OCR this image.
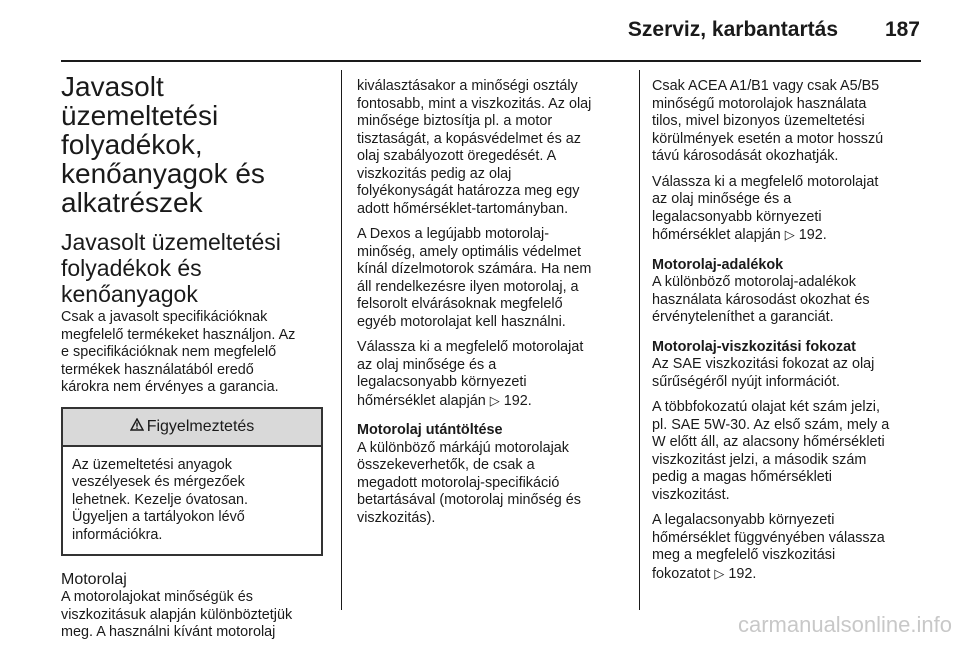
Szerviz, karbantartás 187
Javasolt üzemeltetési
folyadékok,
kenőanyagok és
alkatrészek
Javasolt üzemeltetési
folyadékok és
kenőanyagok

Csak a javasolt specifikációknak
megfelelő termékeket használjon. Az
e specifikációknak nem megfelelő
termékek használatából eredő
károkra nem érvényes a garancia.

Figyelmeztetés

Az üzemeltetési anyagok
veszélyesek és mérgezőek
lehetnek. Kezelje óvatosan.
Ügyeljen a tartályokon lévő
információkra.

Motorolaj

A motorolajokat minőségük és
viszkozitásuk alapján különböztetjük
meg. A használni kívánt motorolaj

kiválasztásakor a minőségi osztály
fontosabb, mint a viszkozitás. Az olaj
minősége biztosítja pl. a motor
tisztaságát, a kopásvédelmet és az
olaj szabályozott öregedését. A
viszkozitás pedig az olaj
folyékonyságát határozza meg egy
adott hőmérséklet-tartományban.

A Dexos a legújabb motorolaj-
minőség, amely optimális védelmet
kínál dízelmotorok számára. Ha nem
áll rendelkezésre ilyen motorolaj, a
felsorolt elvárásoknak megfelelő
egyéb motorolajat kell használni.

Válassza ki a megfelelő motorolajat
az olaj minősége és a
legalacsonyabb környezeti
hőmérséklet alapján ▷ 192.

Motorolaj utántöltése

A különböző márkájú motorolajak
összekeverhetők, de csak a
megadott motorolaj-specifikáció
betartásával (motorolaj minőség és
viszkozitás).

Csak ACEA A1/B1 vagy csak A5/B5
minőségű motorolajok használata
tilos, mivel bizonyos üzemeltetési
körülmények esetén a motor hosszú
távú károsodását okozhatják.

Válassza ki a megfelelő motorolajat
az olaj minősége és a
legalacsonyabb környezeti
hőmérséklet alapján ▷ 192.

Motorolaj-adalékok

A különböző motorolaj-adalékok
használata károsodást okozhat és
érvényteleníthet a garanciát.

Motorolaj-viszkozitási fokozat

Az SAE viszkozitási fokozat az olaj
sűrűségéről nyújt információt.

A többfokozatú olajat két szám jelzi,
pl. SAE 5W-30. Az első szám, mely a
W előtt áll, az alacsony hőmérsékleti
viszkozitást jelzi, a második szám
pedig a magas hőmérsékleti
viszkozitást.

A legalacsonyabb környezeti
hőmérséklet függvényében válassza
meg a megfelelő viszkozitási
fokozatot ▷ 192.

carmanualsonline.info
